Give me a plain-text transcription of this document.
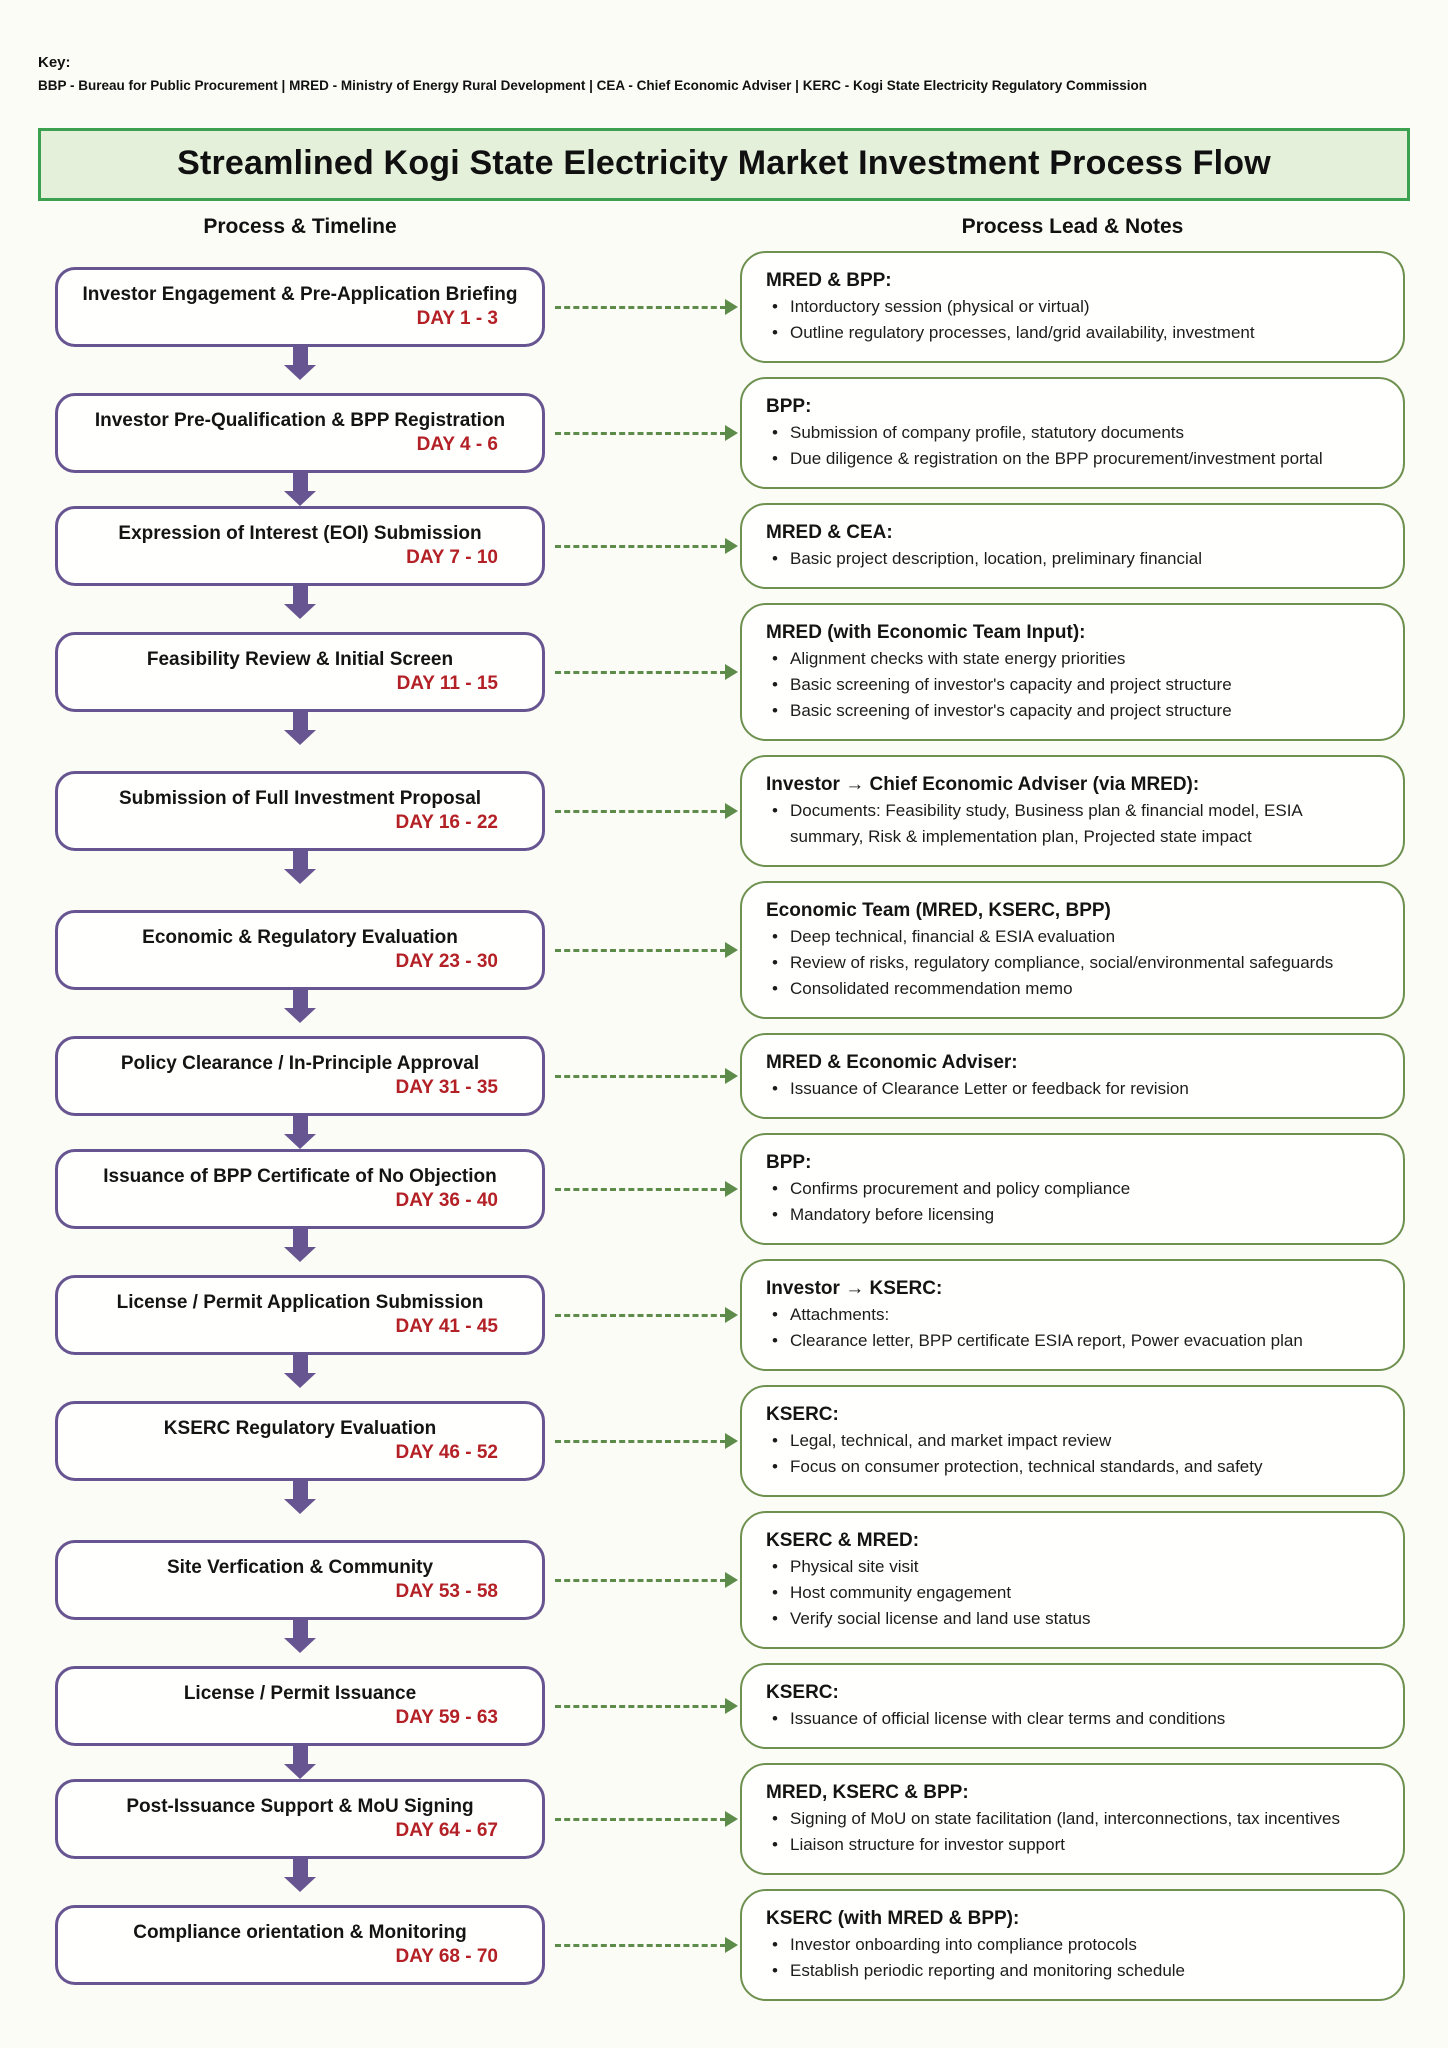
Key:
BBP - Bureau for Public Procurement | MRED - Ministry of Energy Rural Development | CEA - Chief Economic Adviser | KERC - Kogi State Electricity Regulatory Commission
Streamlined Kogi State Electricity Market Investment Process Flow
Process & Timeline	Process Lead & Notes
Investor Engagement & Pre-Application Briefing
DAY 1 - 3
MRED & BPP:
• Intorductory session (physical or virtual)
• Outline regulatory processes, land/grid availability, investment
Investor Pre-Qualification & BPP Registration
DAY 4 - 6
BPP:
• Submission of company profile, statutory documents
• Due diligence & registration on the BPP procurement/investment portal
Expression of Interest (EOI) Submission
DAY 7 - 10
MRED & CEA:
• Basic project description, location, preliminary financial
Feasibility Review & Initial Screen
DAY 11 - 15
MRED (with Economic Team Input):
• Alignment checks with state energy priorities
• Basic screening of investor's capacity and project structure
• Basic screening of investor's capacity and project structure
Submission of Full Investment Proposal
DAY 16 - 22
Investor → Chief Economic Adviser (via MRED):
• Documents: Feasibility study, Business plan & financial model, ESIA summary, Risk & implementation plan, Projected state impact
Economic & Regulatory Evaluation
DAY 23 - 30
Economic Team (MRED, KSERC, BPP)
• Deep technical, financial & ESIA evaluation
• Review of risks, regulatory compliance, social/environmental safeguards
• Consolidated recommendation memo
Policy Clearance / In-Principle Approval
DAY 31 - 35
MRED & Economic Adviser:
• Issuance of Clearance Letter or feedback for revision
Issuance of BPP Certificate of No Objection
DAY 36 - 40
BPP:
• Confirms procurement and policy compliance
• Mandatory before licensing
License / Permit Application Submission
DAY 41 - 45
Investor → KSERC:
• Attachments:
• Clearance letter, BPP certificate ESIA report, Power evacuation plan
KSERC Regulatory Evaluation
DAY 46 - 52
KSERC:
• Legal, technical, and market impact review
• Focus on consumer protection, technical standards, and safety
Site Verfication & Community
DAY 53 - 58
KSERC & MRED:
• Physical site visit
• Host community engagement
• Verify social license and land use status
License / Permit Issuance
DAY 59 - 63
KSERC:
• Issuance of official license with clear terms and conditions
Post-Issuance Support & MoU Signing
DAY 64 - 67
MRED, KSERC & BPP:
• Signing of MoU on state facilitation (land, interconnections, tax incentives
• Liaison structure for investor support
Compliance orientation & Monitoring
DAY 68 - 70
KSERC (with MRED & BPP):
• Investor onboarding into compliance protocols
• Establish periodic reporting and monitoring schedule
